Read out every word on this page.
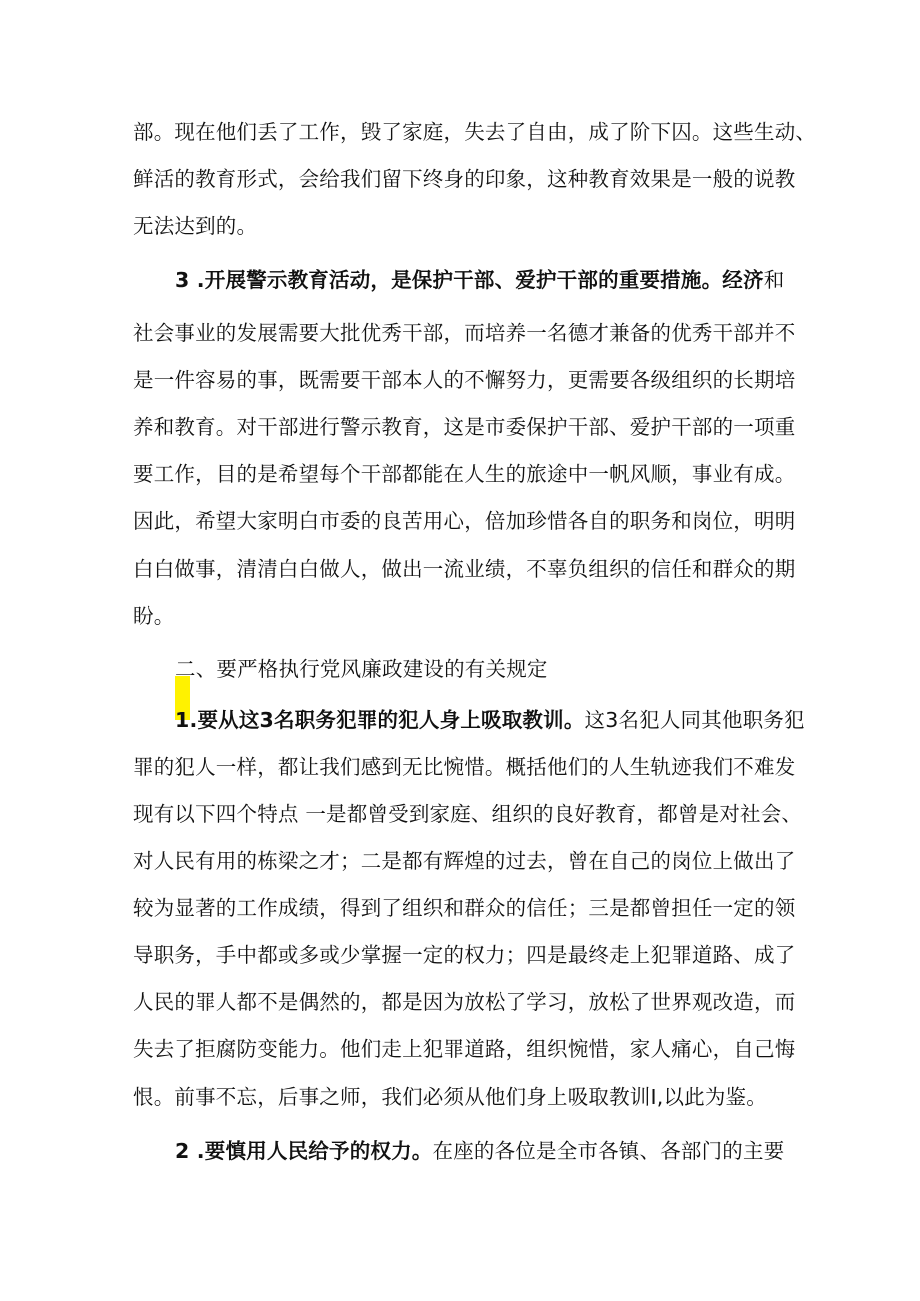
部。现在他们丢了工作，毁了家庭，失去了自由，成了阶下囚。这些生动、
鲜活的教育形式，会给我们留下终身的印象，这种教育效果是一般的说教
无法达到的。
3 .开展警示教育活动，是保护干部、爱护干部的重要措施。经济和
社会事业的发展需要大批优秀干部，而培养一名德才兼备的优秀干部并不
是一件容易的事，既需要干部本人的不懈努力，更需要各级组织的长期培
养和教育。对干部进行警示教育，这是市委保护干部、爱护干部的一项重
要工作，目的是希望每个干部都能在人生的旅途中一帆风顺，事业有成。
因此，希望大家明白市委的良苦用心，倍加珍惜各自的职务和岗位，明明
白白做事，清清白白做人，做出一流业绩，不辜负组织的信任和群众的期
盼。
二、要严格执行党风廉政建设的有关规定
1.要从这3名职务犯罪的犯人身上吸取教训。这3名犯人同其他职务犯
罪的犯人一样，都让我们感到无比惋惜。概括他们的人生轨迹我们不难发
现有以下四个特点 一是都曾受到家庭、组织的良好教育，都曾是对社会、
对人民有用的栋梁之才；二是都有辉煌的过去，曾在自己的岗位上做出了
较为显著的工作成绩，得到了组织和群众的信任；三是都曾担任一定的领
导职务，手中都或多或少掌握一定的权力；四是最终走上犯罪道路、成了
人民的罪人都不是偶然的，都是因为放松了学习，放松了世界观改造，而
失去了拒腐防变能力。他们走上犯罪道路，组织惋惜，家人痛心，自己悔
恨。前事不忘，后事之师，我们必须从他们身上吸取教训I,以此为鉴。
2 .要慎用人民给予的权力。在座的各位是全市各镇、各部门的主要
